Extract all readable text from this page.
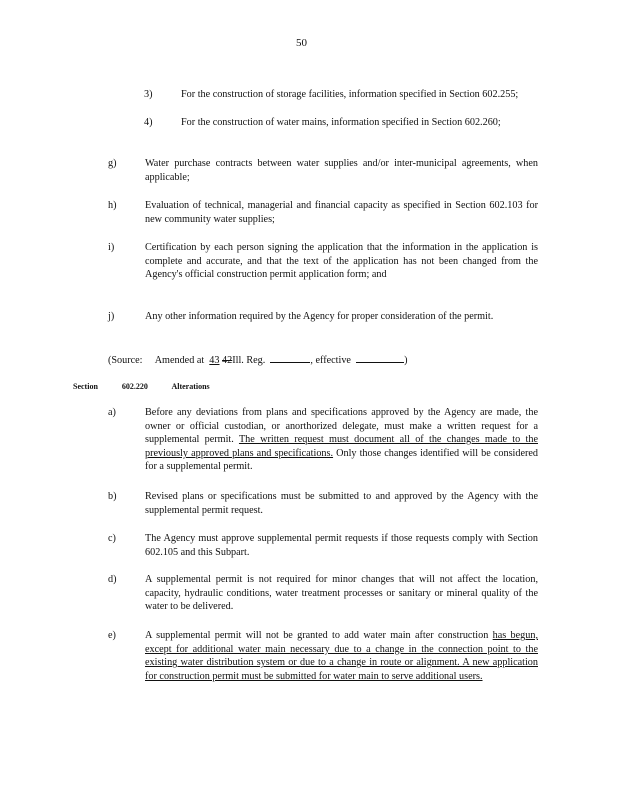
50
3)	For the construction of storage facilities, information specified in Section 602.255;
4)	For the construction of water mains, information specified in Section 602.260;
g)	Water purchase contracts between water supplies and/or inter-municipal agreements, when applicable;
h)	Evaluation of technical, managerial and financial capacity as specified in Section 602.103 for new community water supplies;
i)	Certification by each person signing the application that the information in the application is complete and accurate, and that the text of the application has not been changed from the Agency's official construction permit application form; and
j)	Any other information required by the Agency for proper consideration of the permit.
(Source: Amended at 43 42Ill. Reg.	, effective	)
Section	602.220	Alterations
a)	Before any deviations from plans and specifications approved by the Agency are made, the owner or official custodian, or anorthorized delegate, must make a written request for a supplemental permit. The written request must document all of the changes made to the previously approved plans and specifications. Only those changes identified will be considered for a supplemental permit.
b)	Revised plans or specifications must be submitted to and approved by the Agency with the supplemental permit request.
c)	The Agency must approve supplemental permit requests if those requests comply with Section 602.105 and this Subpart.
d)	A supplemental permit is not required for minor changes that will not affect the location, capacity, hydraulic conditions, water treatment processes or sanitary or mineral quality of the water to be delivered.
e)	A supplemental permit will not be granted to add water main after construction has begun, except for additional water main necessary due to a change in the connection point to the existing water distribution system or due to a change in route or alignment. A new application for construction permit must be submitted for water main to serve additional users.
